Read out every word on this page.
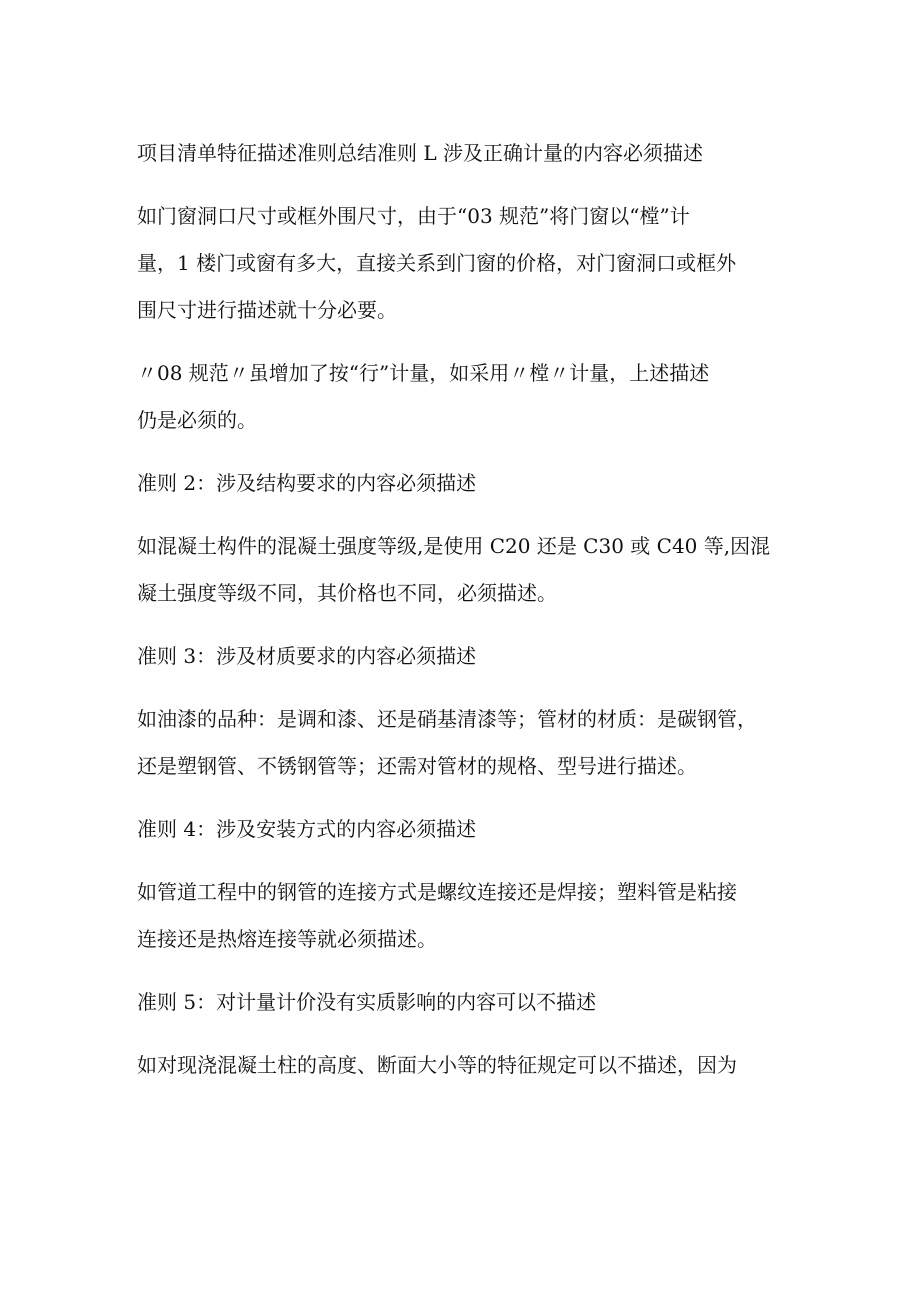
项目清单特征描述准则总结准则 L 涉及正确计量的内容必须描述

如门窗洞口尺寸或框外围尺寸，由于“03 规范”将门窗以“樘”计
量，1 楼门或窗有多大，直接关系到门窗的价格，对门窗洞口或框外
围尺寸进行描述就十分必要。

〃08 规范〃虽增加了按“行”计量，如采用〃樘〃计量，上述描述
仍是必须的。

准则 2：涉及结构要求的内容必须描述

如混凝土构件的混凝土强度等级,是使用 C20 还是 C30 或 C40 等,因混
凝土强度等级不同，其价格也不同，必须描述。

准则 3：涉及材质要求的内容必须描述

如油漆的品种：是调和漆、还是硝基清漆等；管材的材质：是碳钢管，
还是塑钢管、不锈钢管等；还需对管材的规格、型号进行描述。

准则 4：涉及安装方式的内容必须描述

如管道工程中的钢管的连接方式是螺纹连接还是焊接；塑料管是粘接
连接还是热熔连接等就必须描述。

准则 5：对计量计价没有实质影响的内容可以不描述

如对现浇混凝土柱的高度、断面大小等的特征规定可以不描述，因为
